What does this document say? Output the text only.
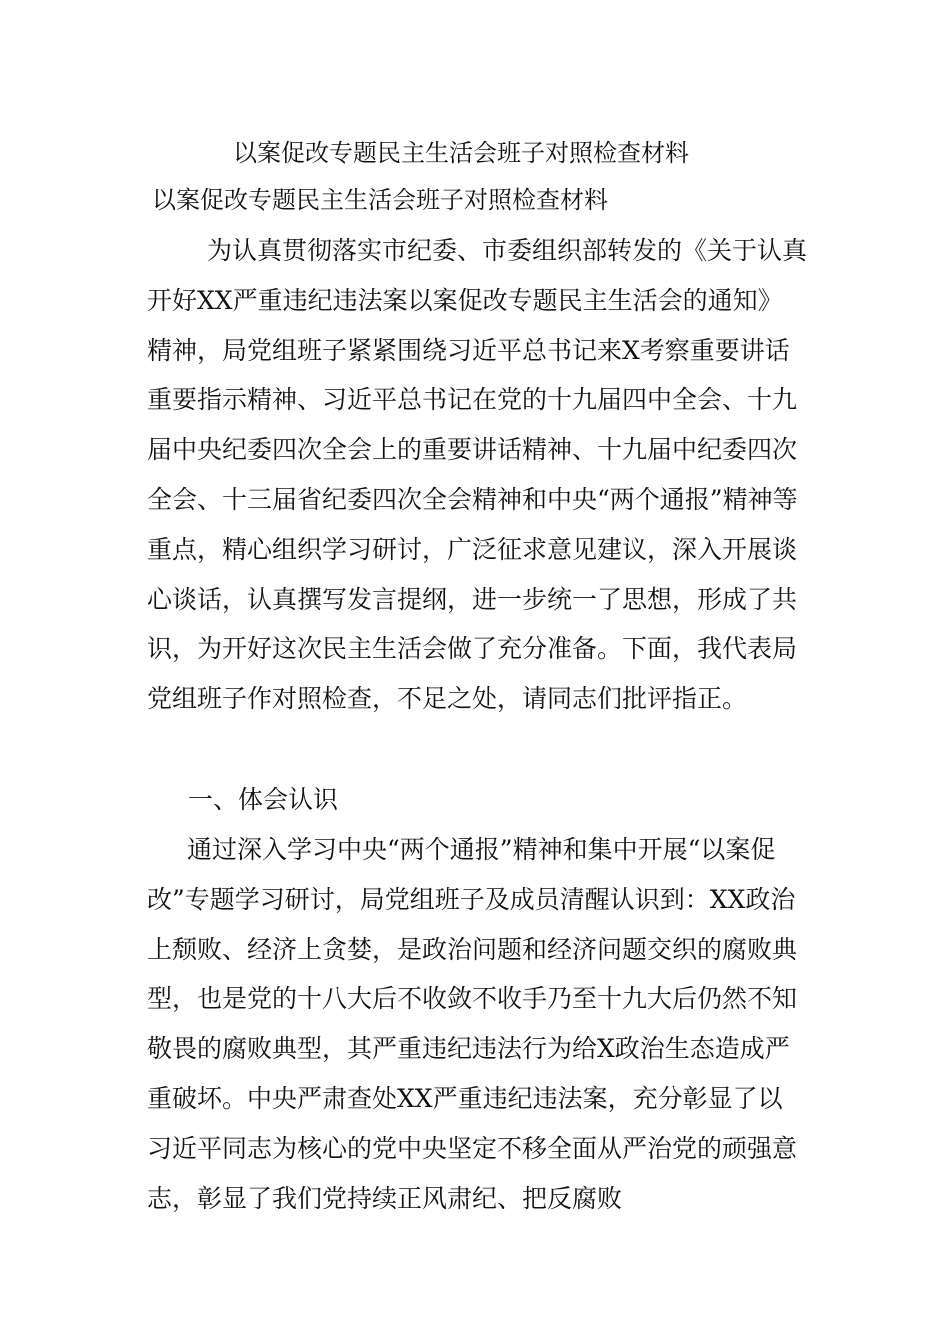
以案促改专题民主生活会班子对照检查材料
以案促改专题民主生活会班子对照检查材料

为认真贯彻落实市纪委、市委组织部转发的《关于认真开好XX严重违纪违法案以案促改专题民主生活会的通知》精神，局党组班子紧紧围绕习近平总书记来X考察重要讲话重要指示精神、习近平总书记在党的十九届四中全会、十九届中央纪委四次全会上的重要讲话精神、十九届中纪委四次全会、十三届省纪委四次全会精神和中央“两个通报”精神等重点，精心组织学习研讨，广泛征求意见建议，深入开展谈心谈话，认真撰写发言提纲，进一步统一了思想，形成了共识，为开好这次民主生活会做了充分准备。下面，我代表局党组班子作对照检查，不足之处，请同志们批评指正。

一、体会认识

通过深入学习中央“两个通报”精神和集中开展“以案促改”专题学习研讨，局党组班子及成员清醒认识到：XX政治上颓败、经济上贪婪，是政治问题和经济问题交织的腐败典型，也是党的十八大后不收敛不收手乃至十九大后仍然不知敬畏的腐败典型，其严重违纪违法行为给X政治生态造成严重破坏。中央严肃查处XX严重违纪违法案，充分彰显了以习近平同志为核心的党中央坚定不移全面从严治党的顽强意志，彰显了我们党持续正风肃纪、把反腐败
